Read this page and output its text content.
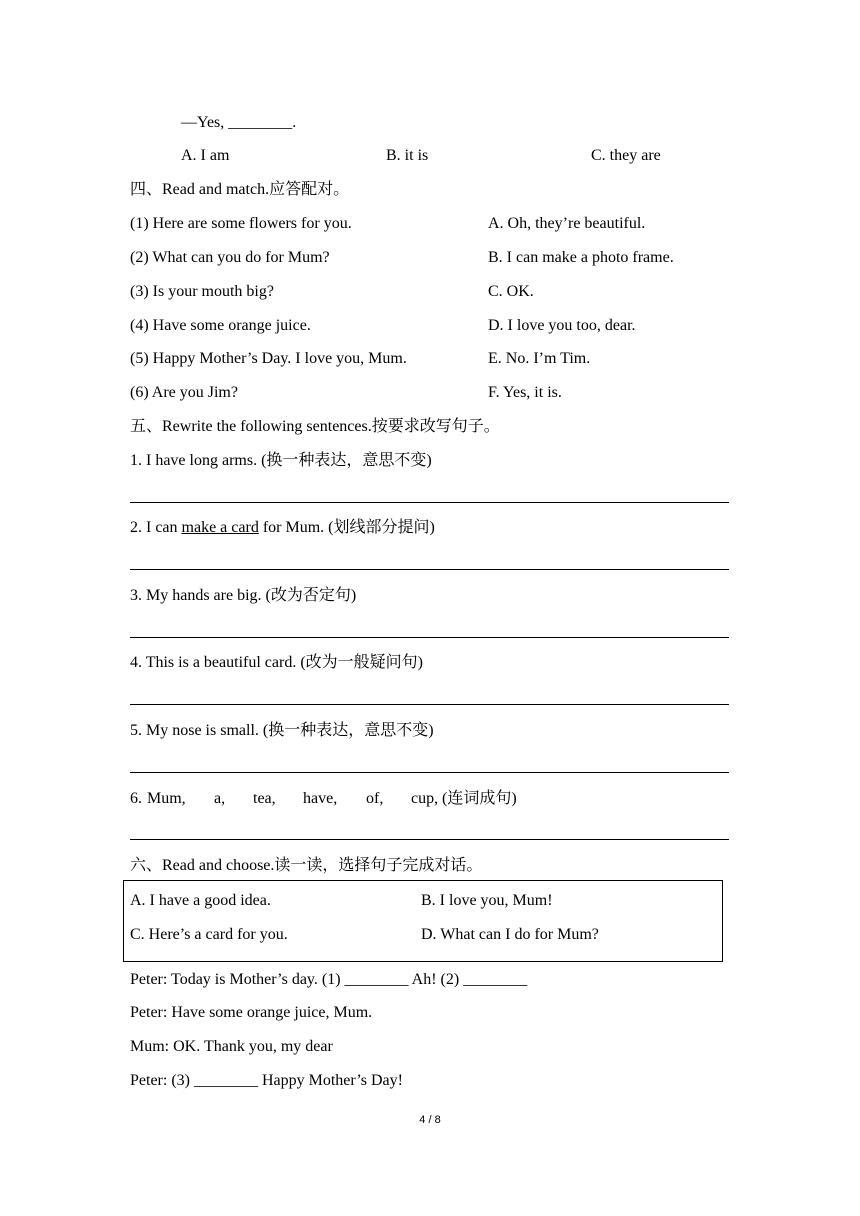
—Yes, ________.
A. I am	B. it is	C. they are
四、Read and match.应答配对。
(1) Here are some flowers for you.	A. Oh, they’re beautiful.
(2) What can you do for Mum?	B. I can make a photo frame.
(3) Is your mouth big?	C. OK.
(4) Have some orange juice.	D. I love you too, dear.
(5) Happy Mother’s Day. I love you, Mum.	E. No. I’m Tim.
(6) Are you Jim?	F. Yes, it is.
五、Rewrite the following sentences.按要求改写句子。
1. I have long arms. (换一种表达，意思不变)
2. I can make a card for Mum. (划线部分提问)
3. My hands are big. (改为否定句)
4. This is a beautiful card. (改为一般疑问句)
5. My nose is small. (换一种表达，意思不变)
6. Mum, a, tea, have, of, cup, (连词成句)
六、Read and choose.读一读，选择句子完成对话。
A. I have a good idea.	B. I love you, Mum!
C. Here’s a card for you.	D. What can I do for Mum?
Peter: Today is Mother’s day. (1) ________ Ah! (2) ________
Peter: Have some orange juice, Mum.
Mum: OK. Thank you, my dear
Peter: (3) ________ Happy Mother’s Day!
4 / 8
